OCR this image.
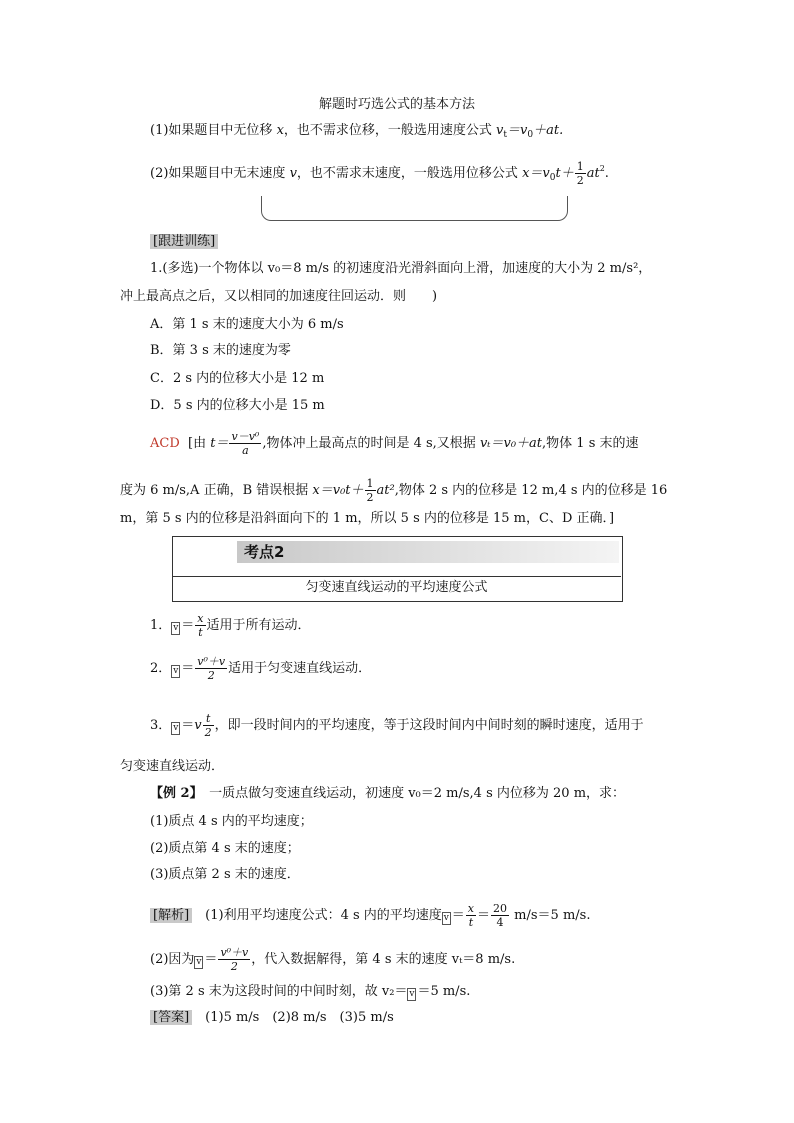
解题时巧选公式的基本方法
(1)如果题目中无位移 x，也不需求位移，一般选用速度公式 $v_t=v_0+at$.
(2)如果题目中无末速度 v，也不需求末速度，一般选用位移公式 $x=v_0t+ \frac{1}{2} at^2$.
[跟进训练]
1.(多选)一个物体以 v₀＝8 m/s 的初速度沿光滑斜面向上滑，加速度的大小为 2 m/s²，
冲上最高点之后，又以相同的加速度往回运动．则　　)
A．第 1 s 末的速度大小为 6 m/s
B．第 3 s 末的速度为零
C．2 s 内的位移大小是 12 m
D．5 s 内的位移大小是 15 m
ACD [由 $t= \frac{\text{v－v⁰}}{a}$ ,物体冲上最高点的时间是 4 s,又根据 vₜ＝v₀＋at,物体 1 s 末的速
度为 6 m/s,A 正确，B 错误根据 $x=v_0t+ \frac{1}{2} at^2$,物体 2 s 内的位移是 12 m,4 s 内的位移是 16
m，第 5 s 内的位移是沿斜面向下的 1 m，所以 5 s 内的位移是 15 m，C、D 正确．]
考点2
匀变速直线运动的平均速度公式
1． $v = \frac{x}{t}$ 适用于所有运动．
2． $v = \frac{\text{v⁰＋v}}{2}$ 适用于匀变速直线运动．
3． $v =v \frac{t}{2}$ ，即一段时间内的平均速度，等于这段时间内中间时刻的瞬时速度，适用于
匀变速直线运动．
【例 2】　一质点做匀变速直线运动，初速度 v₀＝2 m/s,4 s 内位移为 20 m，求：
(1)质点 4 s 内的平均速度；
(2)质点第 4 s 末的速度；
(3)质点第 2 s 末的速度．
[解析]　(1)利用平均速度公式：4 s 内的平均速度 $v = \frac{x}{t} = \frac{20}{4} m/s=5$ m/s.
(2)因为 $v = \frac{\text{v⁰＋v}}{2}$ ，代入数据解得，第 4 s 末的速度 vₜ＝8 m/s.
(3)第 2 s 末为这段时间的中间时刻，故 v₂＝ v ＝5 m/s.
[答案]　(1)5 m/s　(2)8 m/s　(3)5 m/s
